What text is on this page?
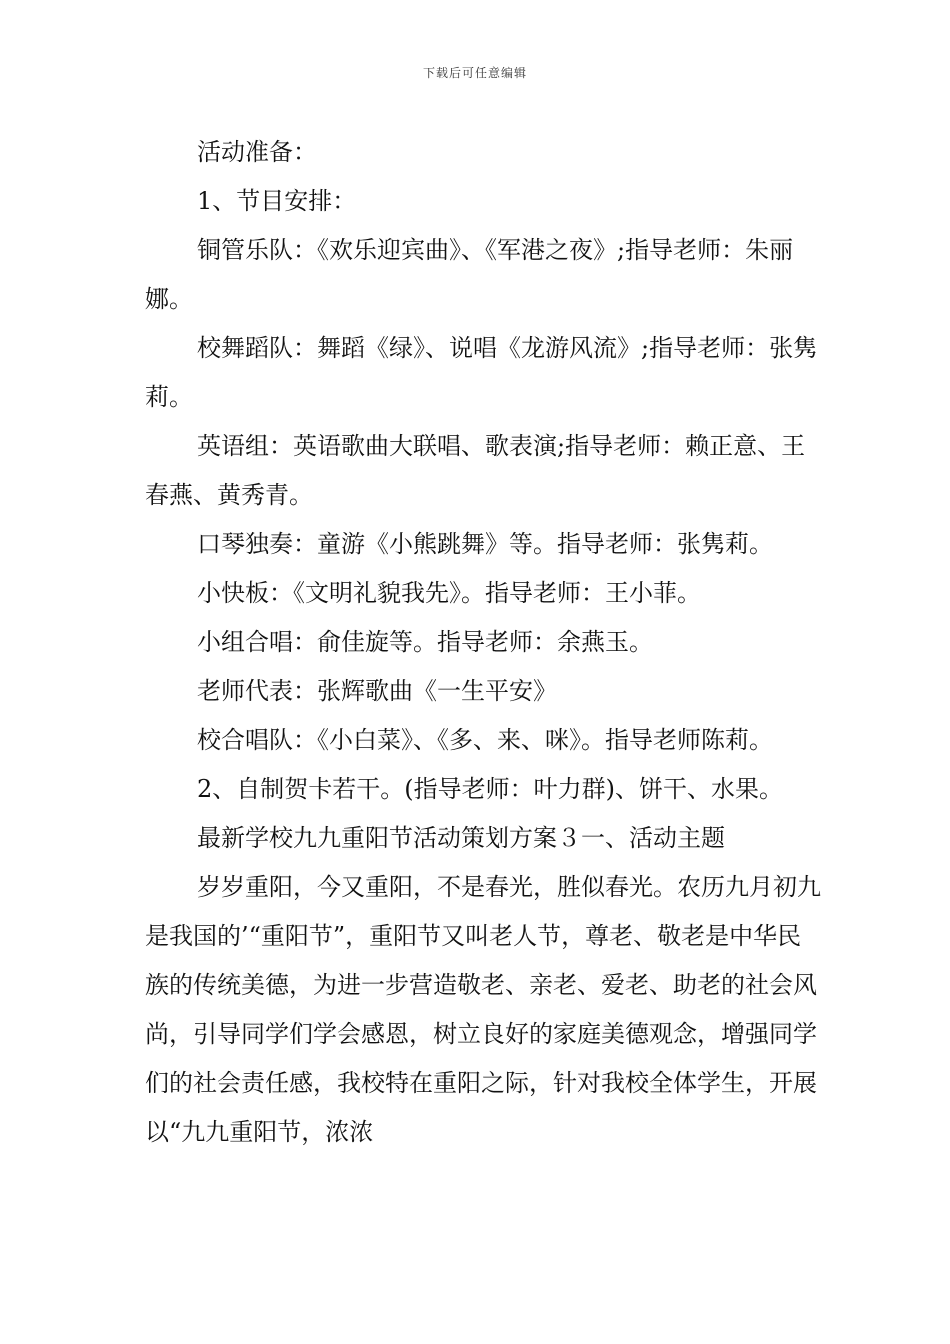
下载后可任意编辑

活动准备：

1、节目安排：

铜管乐队：《欢乐迎宾曲》、《军港之夜》;指导老师：朱丽娜。

校舞蹈队：舞蹈《绿》、说唱《龙游风流》;指导老师：张隽莉。

英语组：英语歌曲大联唱、歌表演;指导老师：赖正意、王春燕、黄秀青。

口琴独奏：童游《小熊跳舞》等。指导老师：张隽莉。

小快板：《文明礼貌我先》。指导老师：王小菲。

小组合唱：俞佳旋等。指导老师：余燕玉。

老师代表：张辉歌曲《一生平安》

校合唱队：《小白菜》、《多、来、咪》。指导老师陈莉。

2、自制贺卡若干。(指导老师：叶力群)、饼干、水果。

最新学校九九重阳节活动策划方案３一、活动主题

岁岁重阳，今又重阳，不是春光，胜似春光。农历九月初九是我国的’“重阳节”，重阳节又叫老人节，尊老、敬老是中华民族的传统美德，为进一步营造敬老、亲老、爱老、助老的社会风尚，引导同学们学会感恩，树立良好的家庭美德观念，增强同学们的社会责任感，我校特在重阳之际，针对我校全体学生，开展以“九九重阳节，浓浓
